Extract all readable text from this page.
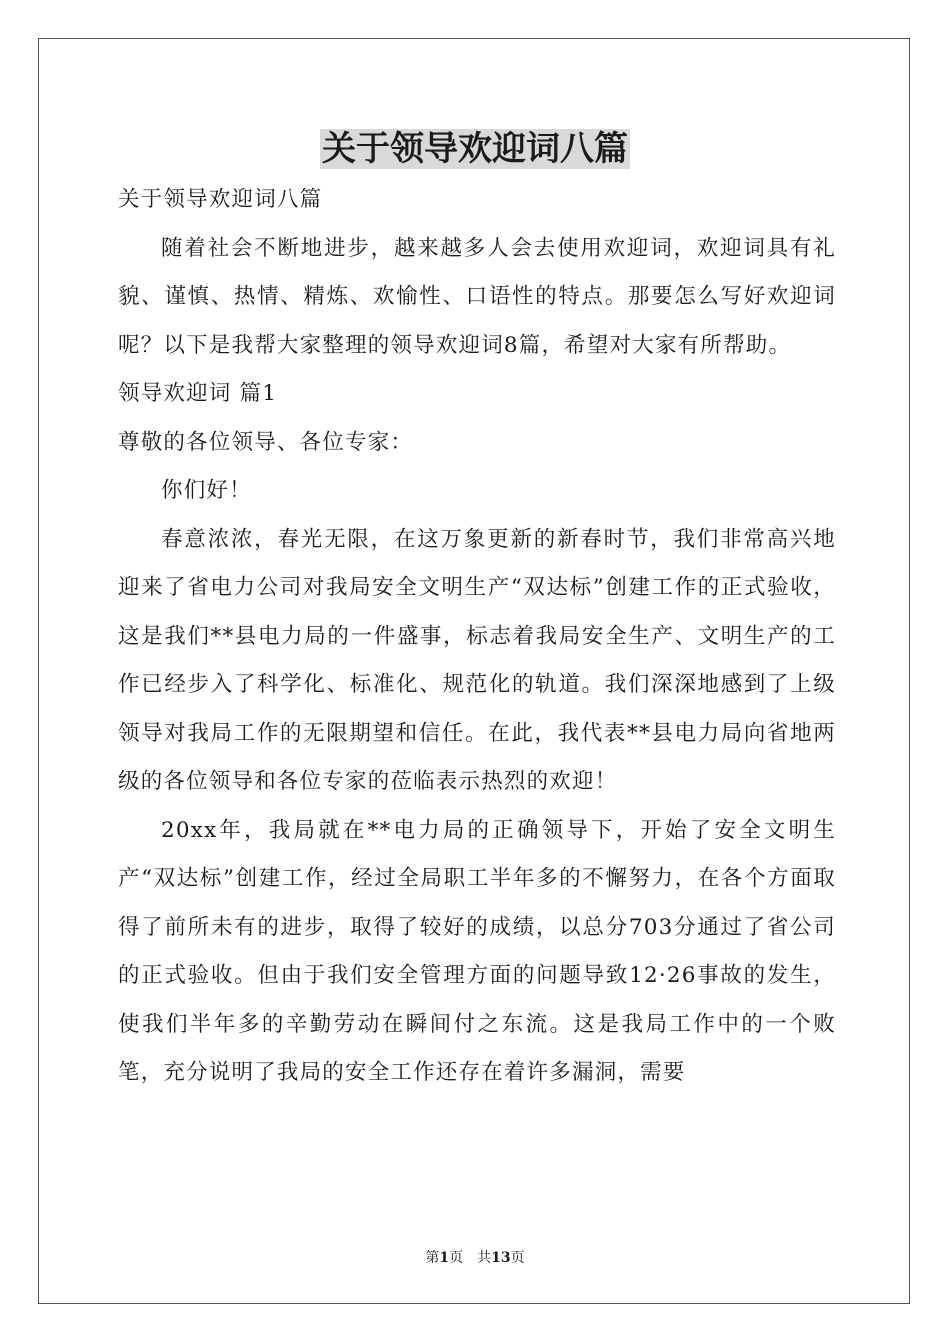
关于领导欢迎词八篇

关于领导欢迎词八篇

随着社会不断地进步，越来越多人会去使用欢迎词，欢迎词具有礼貌、谨慎、热情、精炼、欢愉性、口语性的特点。那要怎么写好欢迎词呢？以下是我帮大家整理的领导欢迎词8篇，希望对大家有所帮助。

领导欢迎词 篇1

尊敬的各位领导、各位专家：

你们好！

春意浓浓，春光无限，在这万象更新的新春时节，我们非常高兴地迎来了省电力公司对我局安全文明生产“双达标”创建工作的正式验收，这是我们**县电力局的一件盛事，标志着我局安全生产、文明生产的工作已经步入了科学化、标准化、规范化的轨道。我们深深地感到了上级领导对我局工作的无限期望和信任。在此，我代表**县电力局向省地两级的各位领导和各位专家的莅临表示热烈的欢迎！

20xx年，我局就在**电力局的正确领导下，开始了安全文明生产“双达标”创建工作，经过全局职工半年多的不懈努力，在各个方面取得了前所未有的进步，取得了较好的成绩，以总分703分通过了省公司的正式验收。但由于我们安全管理方面的问题导致12·26事故的发生，使我们半年多的辛勤劳动在瞬间付之东流。这是我局工作中的一个败笔，充分说明了我局的安全工作还存在着许多漏洞，需要

第1页　共13页
